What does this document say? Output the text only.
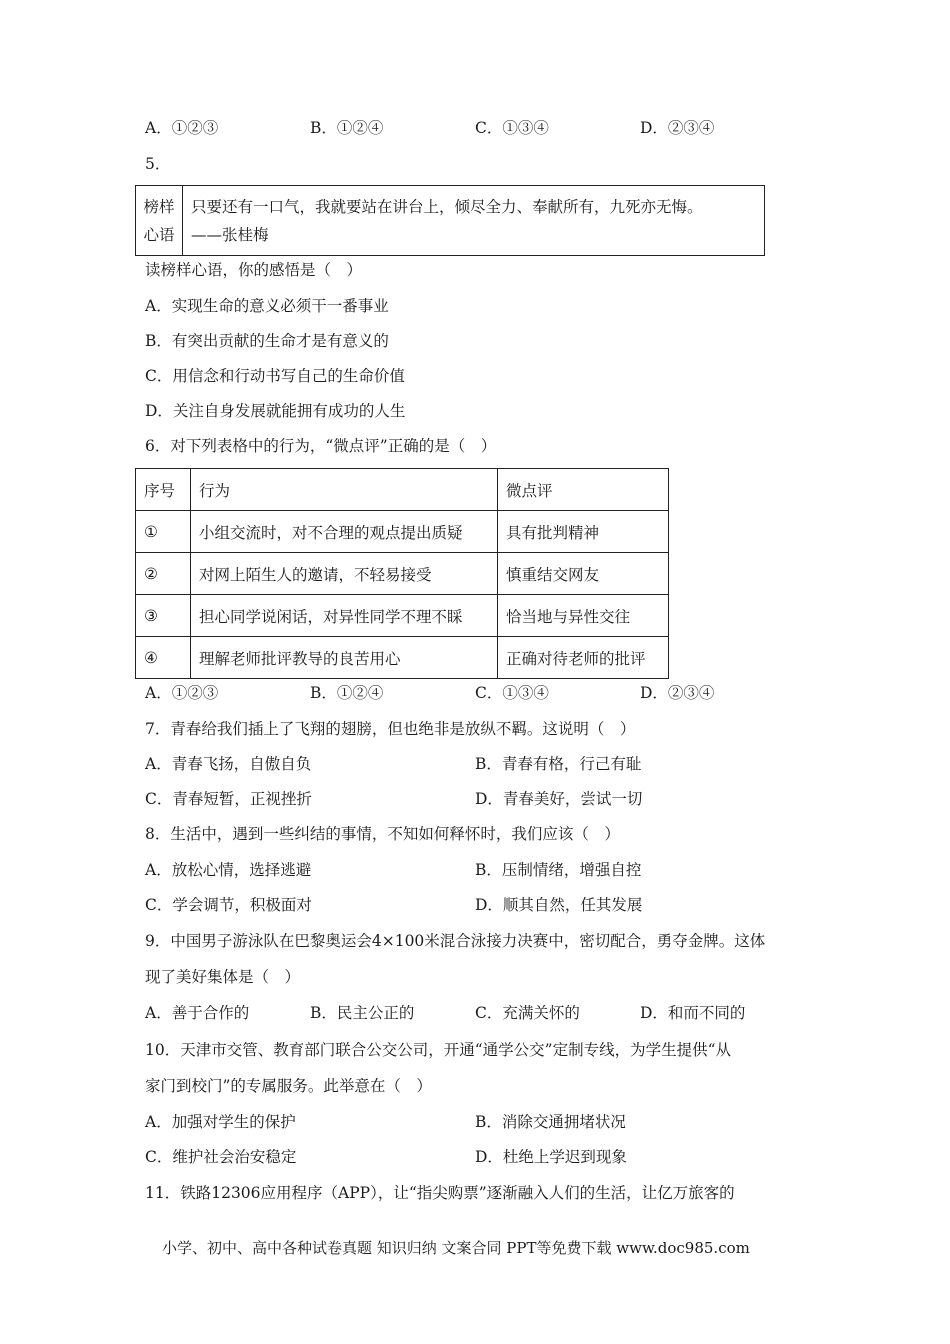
A．①②③	B．①②④	C．①③④	D．②③④
5．
榜样
心语

只要还有一口气，我就要站在讲台上，倾尽全力、奉献所有，九死亦无悔。
——张桂梅
读榜样心语，你的感悟是（　）
A．实现生命的意义必须干一番事业
B．有突出贡献的生命才是有意义的
C．用信念和行动书写自己的生命价值
D．关注自身发展就能拥有成功的人生
6．对下列表格中的行为，“微点评”正确的是（　）
序号	行为	微点评
①	小组交流时，对不合理的观点提出质疑	具有批判精神
②	对网上陌生人的邀请，不轻易接受	慎重结交网友
③	担心同学说闲话，对异性同学不理不睬	恰当地与异性交往
④	理解老师批评教导的良苦用心	正确对待老师的批评
A．①②③	B．①②④	C．①③④	D．②③④
7．青春给我们插上了飞翔的翅膀，但也绝非是放纵不羁。这说明（　）
A．青春飞扬，自傲自负	B．青春有格，行己有耻
C．青春短暂，正视挫折	D．青春美好，尝试一切
8．生活中，遇到一些纠结的事情，不知如何释怀时，我们应该（　）
A．放松心情，选择逃避	B．压制情绪，增强自控
C．学会调节，积极面对	D．顺其自然，任其发展
9．中国男子游泳队在巴黎奥运会4×100米混合泳接力决赛中，密切配合，勇夺金牌。这体
现了美好集体是（　）
A．善于合作的	B．民主公正的	C．充满关怀的	D．和而不同的
10．天津市交管、教育部门联合公交公司，开通“通学公交”定制专线，为学生提供“从
家门到校门”的专属服务。此举意在（　）
A．加强对学生的保护	B．消除交通拥堵状况
C．维护社会治安稳定	D．杜绝上学迟到现象
11．铁路12306应用程序（APP），让“指尖购票”逐渐融入人们的生活，让亿万旅客的
小学、初中、高中各种试卷真题 知识归纳 文案合同 PPT等免费下载 www.doc985.com
